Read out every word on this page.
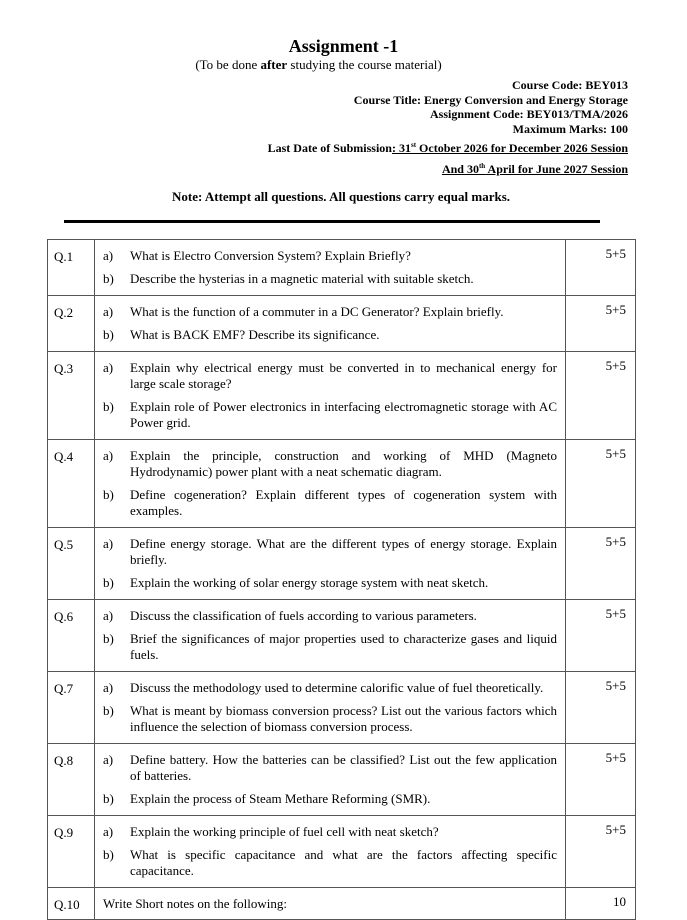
Assignment -1
(To be done after studying the course material)
Course Code: BEY013
Course Title: Energy Conversion and Energy Storage
Assignment Code: BEY013/TMA/2026
Maximum Marks: 100
Last Date of Submission: 31st October 2026 for December 2026 Session
And 30th April for June 2027 Session
Note: Attempt all questions. All questions carry equal marks.
Q.1	a) What is Electro Conversion System? Explain Briefly?
b) Describe the hysterias in a magnetic material with suitable sketch.	5+5
Q.2	a) What is the function of a commuter in a DC Generator? Explain briefly.
b) What is BACK EMF? Describe its significance.	5+5
Q.3	a) Explain why electrical energy must be converted in to mechanical energy for large scale storage?
b) Explain role of Power electronics in interfacing electromagnetic storage with AC Power grid.	5+5
Q.4	a) Explain the principle, construction and working of MHD (Magneto Hydrodynamic) power plant with a neat schematic diagram.
b) Define cogeneration? Explain different types of cogeneration system with examples.	5+5
Q.5	a) Define energy storage. What are the different types of energy storage. Explain briefly.
b) Explain the working of solar energy storage system with neat sketch.	5+5
Q.6	a) Discuss the classification of fuels according to various parameters.
b) Brief the significances of major properties used to characterize gases and liquid fuels.	5+5
Q.7	a) Discuss the methodology used to determine calorific value of fuel theoretically.
b) What is meant by biomass conversion process? List out the various factors which influence the selection of biomass conversion process.	5+5
Q.8	a) Define battery. How the batteries can be classified? List out the few application of batteries.
b) Explain the process of Steam Methare Reforming (SMR).	5+5
Q.9	a) Explain the working principle of fuel cell with neat sketch?
b) What is specific capacitance and what are the factors affecting specific capacitance.	5+5
Q.10	Write Short notes on the following:	10
